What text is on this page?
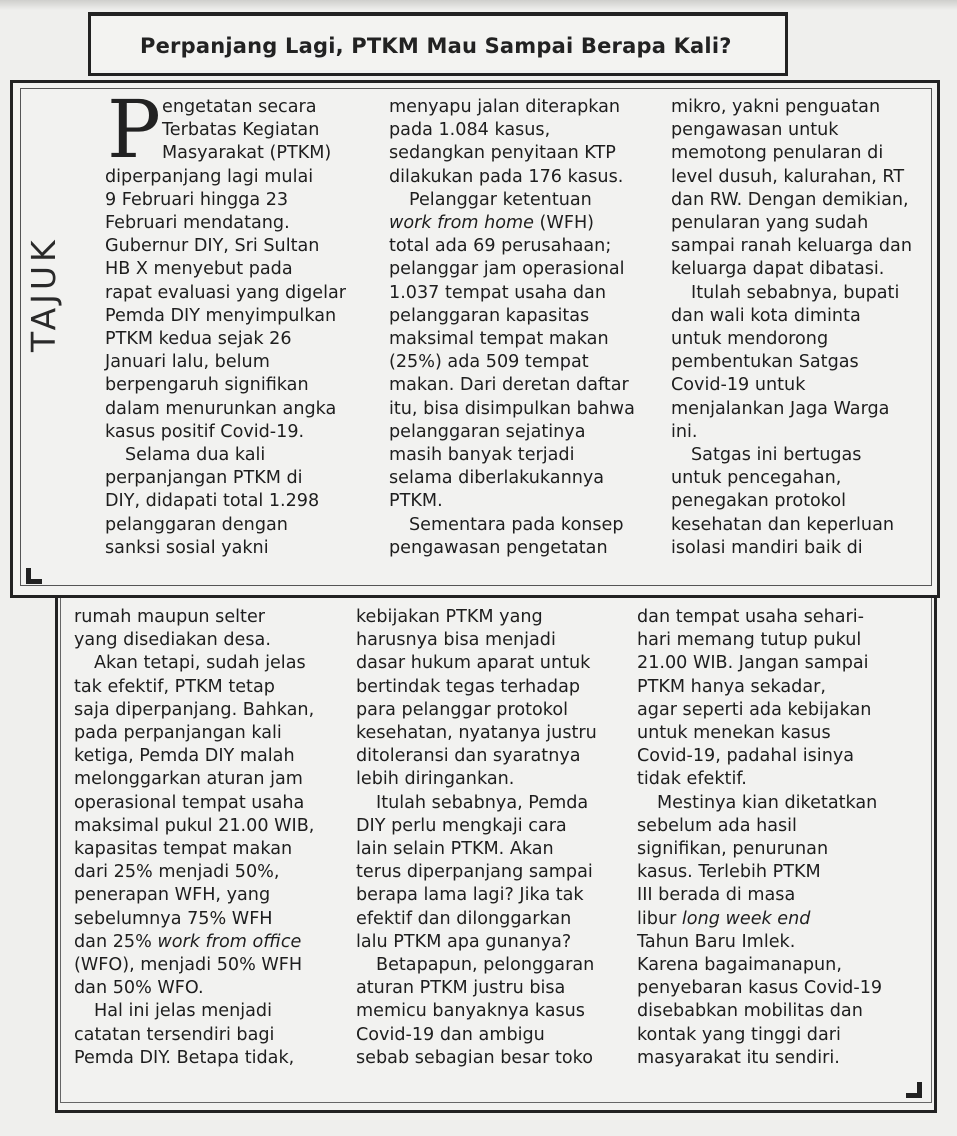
Perpanjang Lagi, PTKM Mau Sampai Berapa Kali?
TAJUK
P engetatan secara

Terbatas Kegiatan

Masyarakat (PTKM)

diperpanjang lagi mulai

9 Februari hingga 23

Februari mendatang.

Gubernur DIY, Sri Sultan

HB X menyebut pada

rapat evaluasi yang digelar

Pemda DIY menyimpulkan

PTKM kedua sejak 26

Januari lalu, belum

berpengaruh signifikan

dalam menurunkan angka

kasus positif Covid-19.

Selama dua kali

perpanjangan PTKM di

DIY, didapati total 1.298

pelanggaran dengan

sanksi sosial yakni

menyapu jalan diterapkan

pada 1.084 kasus,

sedangkan penyitaan KTP

dilakukan pada 176 kasus.

Pelanggar ketentuan

work from home (WFH)

total ada 69 perusahaan;

pelanggar jam operasional

1.037 tempat usaha dan

pelanggaran kapasitas

maksimal tempat makan

(25%) ada 509 tempat

makan. Dari deretan daftar

itu, bisa disimpulkan bahwa

pelanggaran sejatinya

masih banyak terjadi

selama diberlakukannya

PTKM.

Sementara pada konsep

pengawasan pengetatan

mikro, yakni penguatan

pengawasan untuk

memotong penularan di

level dusuh, kalurahan, RT

dan RW. Dengan demikian,

penularan yang sudah

sampai ranah keluarga dan

keluarga dapat dibatasi.

Itulah sebabnya, bupati

dan wali kota diminta

untuk mendorong

pembentukan Satgas

Covid-19 untuk

menjalankan Jaga Warga

ini.

Satgas ini bertugas

untuk pencegahan,

penegakan protokol

kesehatan dan keperluan

isolasi mandiri baik di

rumah maupun selter

yang disediakan desa.

Akan tetapi, sudah jelas

tak efektif, PTKM tetap

saja diperpanjang. Bahkan,

pada perpanjangan kali

ketiga, Pemda DIY malah

melonggarkan aturan jam

operasional tempat usaha

maksimal pukul 21.00 WIB,

kapasitas tempat makan

dari 25% menjadi 50%,

penerapan WFH, yang

sebelumnya 75% WFH

dan 25% work from office

(WFO), menjadi 50% WFH

dan 50% WFO.

Hal ini jelas menjadi

catatan tersendiri bagi

Pemda DIY. Betapa tidak,

kebijakan PTKM yang

harusnya bisa menjadi

dasar hukum aparat untuk

bertindak tegas terhadap

para pelanggar protokol

kesehatan, nyatanya justru

ditoleransi dan syaratnya

lebih diringankan.

Itulah sebabnya, Pemda

DIY perlu mengkaji cara

lain selain PTKM. Akan

terus diperpanjang sampai

berapa lama lagi? Jika tak

efektif dan dilonggarkan

lalu PTKM apa gunanya?

Betapapun, pelonggaran

aturan PTKM justru bisa

memicu banyaknya kasus

Covid-19 dan ambigu

sebab sebagian besar toko

dan tempat usaha sehari-

hari memang tutup pukul

21.00 WIB. Jangan sampai

PTKM hanya sekadar,

agar seperti ada kebijakan

untuk menekan kasus

Covid-19, padahal isinya

tidak efektif.

Mestinya kian diketatkan

sebelum ada hasil

signifikan, penurunan

kasus. Terlebih PTKM

III berada di masa

libur long week end

Tahun Baru Imlek.

Karena bagaimanapun,

penyebaran kasus Covid-19

disebabkan mobilitas dan

kontak yang tinggi dari

masyarakat itu sendiri.
